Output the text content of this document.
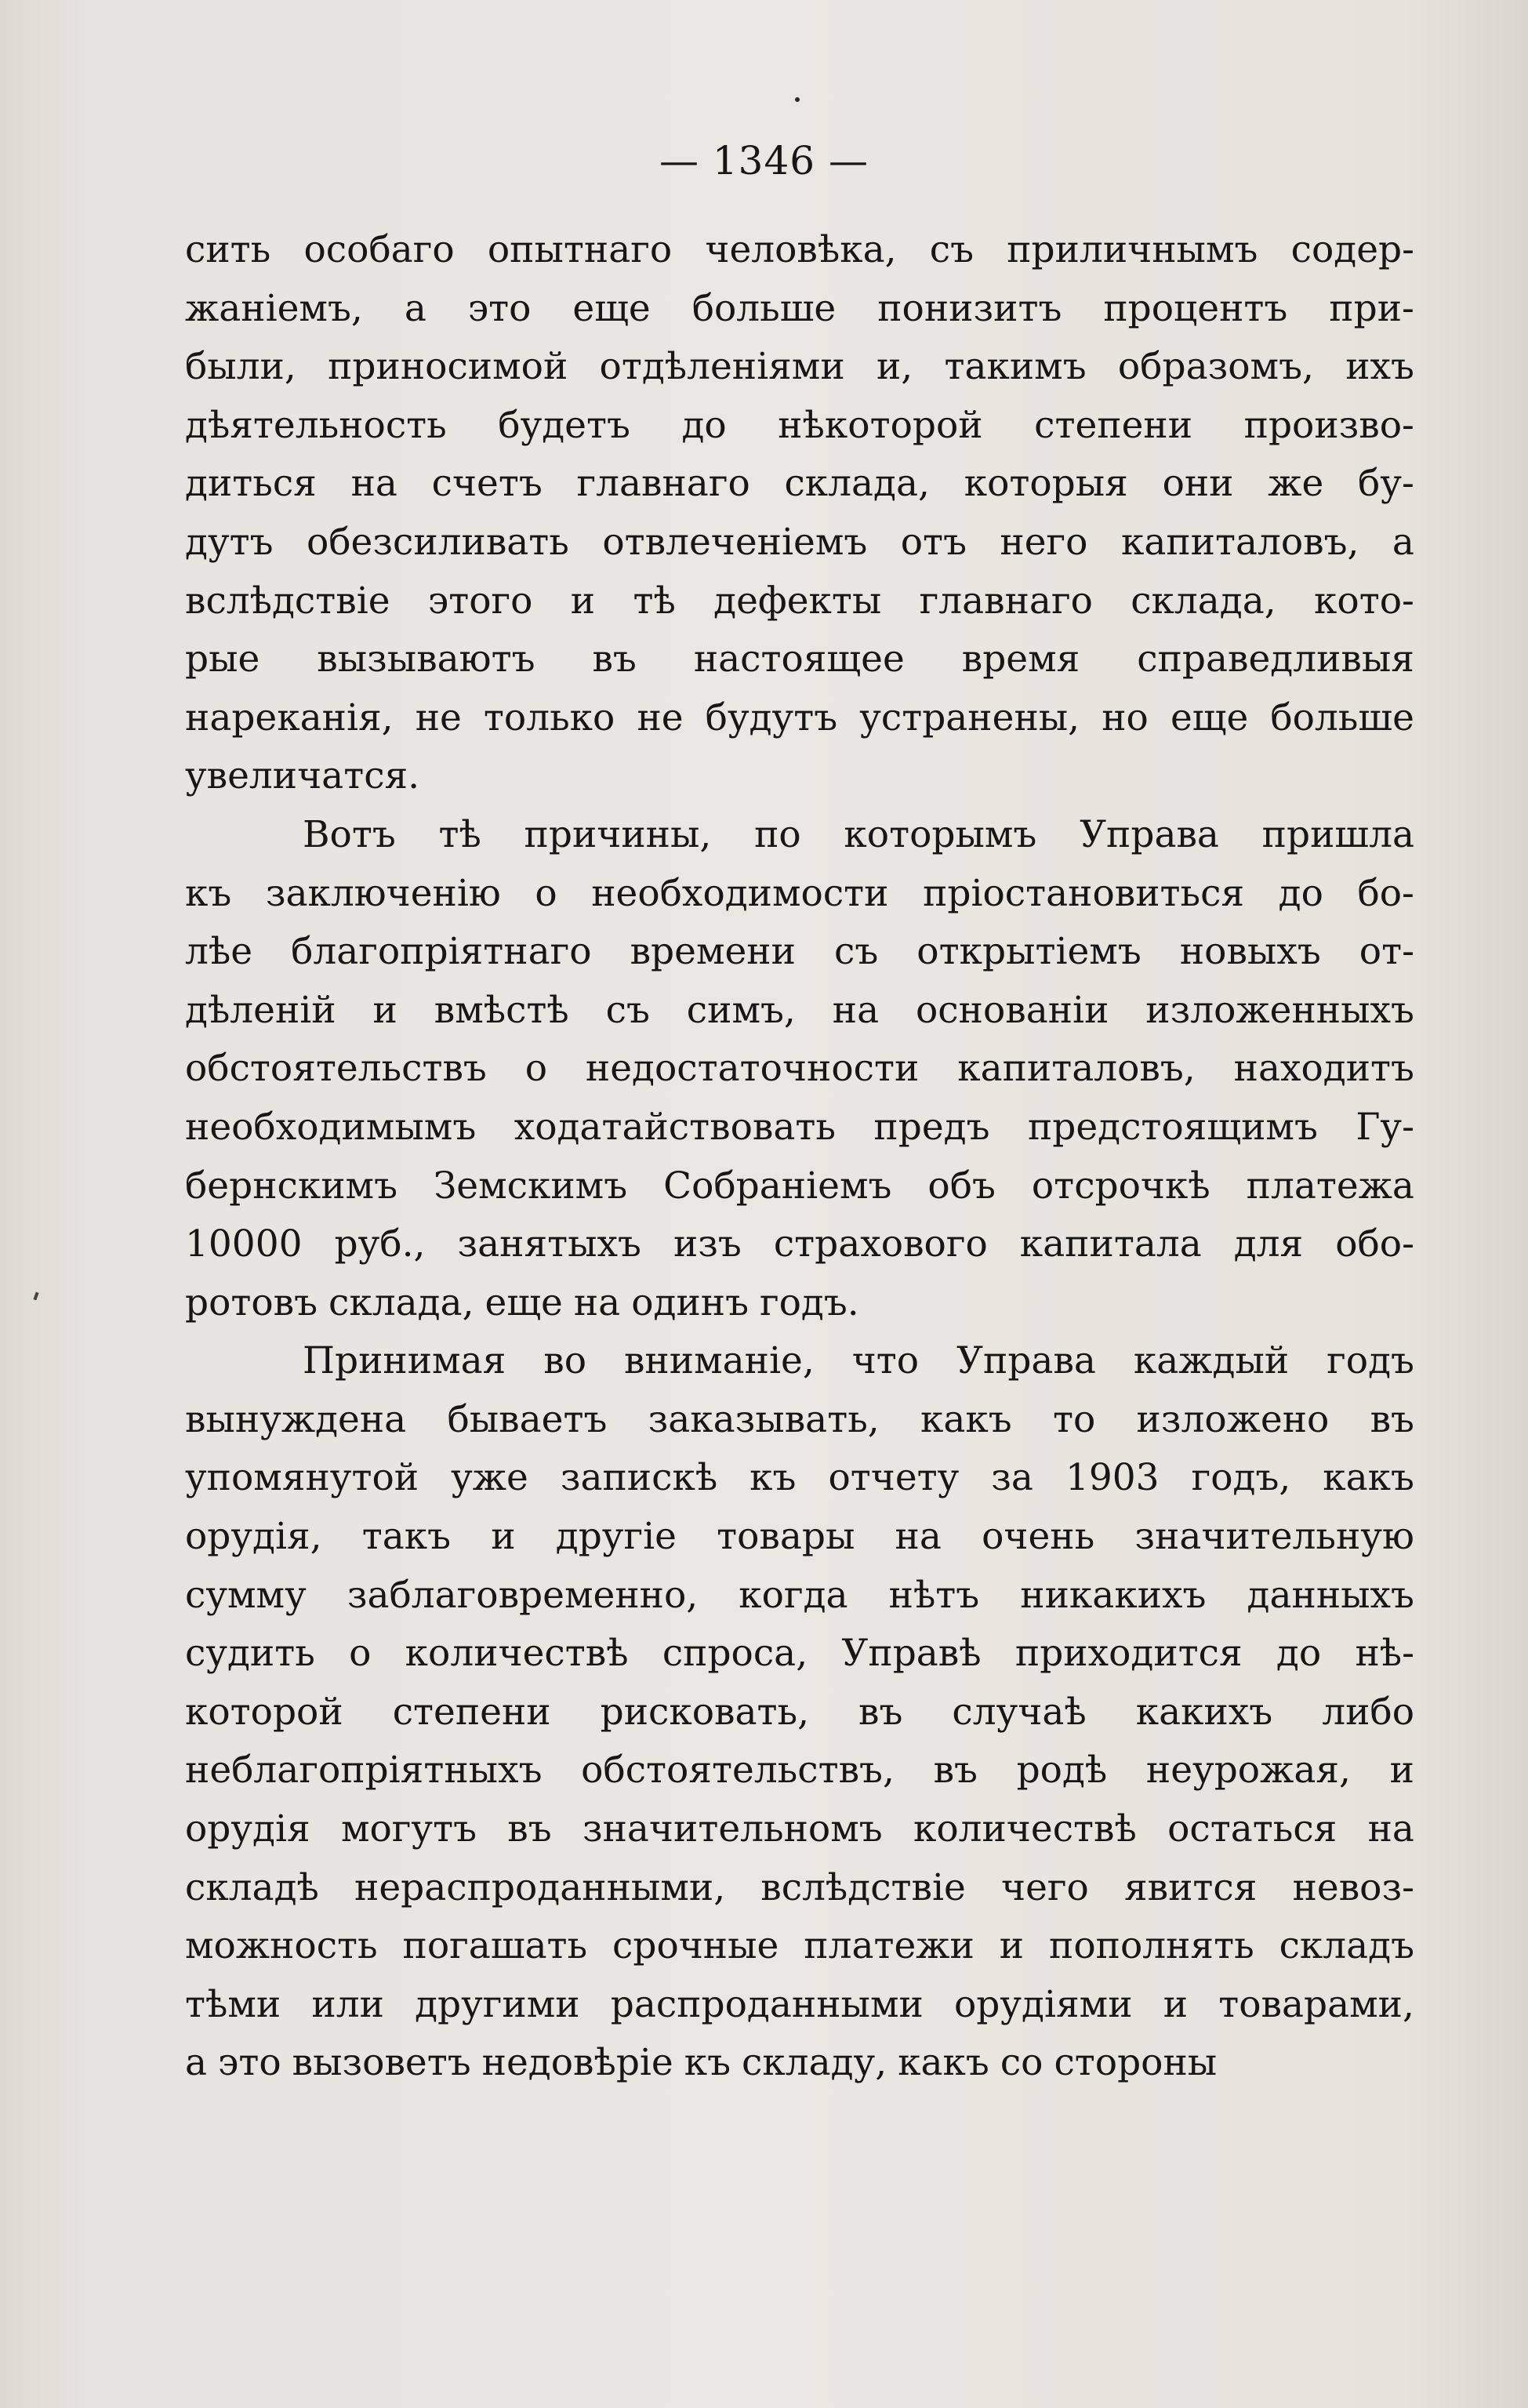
— 1346 —
сить особаго опытнаго человѣка, съ приличнымъ содер-
жаніемъ, а это еще больше понизитъ процентъ при-
были, приносимой отдѣленіями и, такимъ образомъ, ихъ
дѣятельность будетъ до нѣкоторой степени произво-
диться на счетъ главнаго склада, которыя они же бу-
дутъ обезсиливать отвлеченіемъ отъ него капиталовъ, а
вслѣдствіе этого и тѣ дефекты главнаго склада, кото-
рые вызываютъ въ настоящее время справедливыя
нареканія, не только не будутъ устранены, но еще больше
увеличатся.
Вотъ тѣ причины, по которымъ Управа пришла
къ заключенію о необходимости пріостановиться до бо-
лѣе благопріятнаго времени съ открытіемъ новыхъ от-
дѣленій и вмѣстѣ съ симъ, на основаніи изложенныхъ
обстоятельствъ о недостаточности капиталовъ, находитъ
необходимымъ ходатайствовать предъ предстоящимъ Гу-
бернскимъ Земскимъ Собраніемъ объ отсрочкѣ платежа
10000 руб., занятыхъ изъ страхового капитала для обо-
ротовъ склада, еще на одинъ годъ.
Принимая во вниманіе, что Управа каждый годъ
вынуждена бываетъ заказывать, какъ то изложено въ
упомянутой уже запискѣ къ отчету за 1903 годъ, какъ
орудія, такъ и другіе товары на очень значительную
сумму заблаговременно, когда нѣтъ никакихъ данныхъ
судить о количествѣ спроса, Управѣ приходится до нѣ-
которой степени рисковать, въ случаѣ какихъ либо
неблагопріятныхъ обстоятельствъ, въ родѣ неурожая, и
орудія могутъ въ значительномъ количествѣ остаться на
складѣ нераспроданными, вслѣдствіе чего явится невоз-
можность погашать срочные платежи и пополнять складъ
тѣми или другими распроданными орудіями и товарами,
а это вызоветъ недовѣріе къ складу, какъ со стороны
